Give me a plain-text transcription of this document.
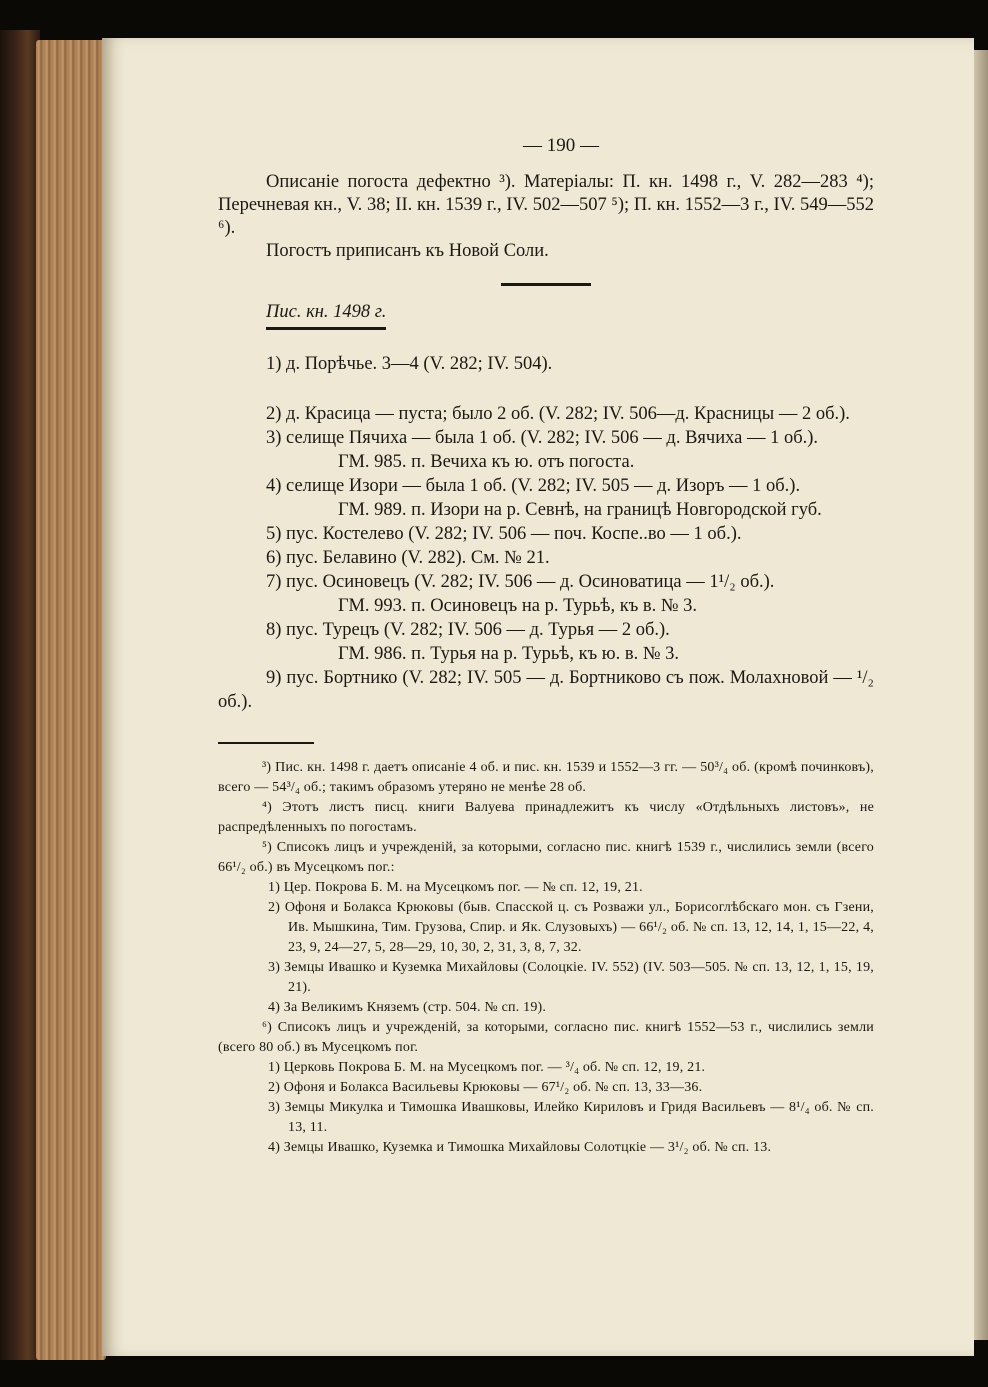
— 190 —
Описаніе погоста дефектно ³). Матеріалы: П. кн. 1498 г., V. 282—283 ⁴); Перечневая кн., V. 38; II. кн. 1539 г., IV. 502—507 ⁵); П. кн. 1552—3 г., IV. 549—552 ⁶).
Погостъ приписанъ къ Новой Соли.
Пис. кн. 1498 г.
1) д. Порѣчье. 3—4 (V. 282; IV. 504).
2) д. Красица — пуста; было 2 об. (V. 282; IV. 506—д. Красницы — 2 об.).
3) селище Пячиха — была 1 об. (V. 282; IV. 506 — д. Вячиха — 1 об.).
ГМ. 985. п. Вечиха къ ю. отъ погоста.
4) селище Изори — была 1 об. (V. 282; IV. 505 — д. Изоръ — 1 об.).
ГМ. 989. п. Изори на р. Севнѣ, на границѣ Новгородской губ.
5) пус. Костелево (V. 282; IV. 506 — поч. Коспе..во — 1 об.).
6) пус. Белавино (V. 282). См. № 21.
7) пус. Осиновецъ (V. 282; IV. 506 — д. Осиноватица — 1¹/₂ об.).
ГМ. 993. п. Осиновецъ на р. Турьѣ, къ в. № 3.
8) пус. Турецъ (V. 282; IV. 506 — д. Турья — 2 об.).
ГМ. 986. п. Турья на р. Турьѣ, къ ю. в. № 3.
9) пус. Бортнико (V. 282; IV. 505 — д. Бортниково съ пож. Молахновой — ¹/₂ об.).
³) Пис. кн. 1498 г. даетъ описаніе 4 об. и пис. кн. 1539 и 1552—3 гг. — 50³/₄ об. (кромѣ починковъ), всего — 54³/₄ об.; такимъ образомъ утеряно не менѣе 28 об.
⁴) Этотъ листъ писц. книги Валуева принадлежитъ къ числу «Отдѣльныхъ листовъ», не распредѣленныхъ по погостамъ.
⁵) Списокъ лицъ и учрежденій, за которыми, согласно пис. книгѣ 1539 г., числились земли (всего 66¹/₂ об.) въ Мусецкомъ пог.:
1) Цер. Покрова Б. М. на Мусецкомъ пог. — № сп. 12, 19, 21.
2) Офоня и Болакса Крюковы (быв. Спасской ц. съ Розважи ул., Борисоглѣбскаго мон. съ Гзени, Ив. Мышкина, Тим. Грузова, Спир. и Як. Слузовыхъ) — 66¹/₂ об. № сп. 13, 12, 14, 1, 15—22, 4, 23, 9, 24—27, 5, 28—29, 10, 30, 2, 31, 3, 8, 7, 32.
3) Земцы Ивашко и Куземка Михайловы (Солоцкіе. IV. 552) (IV. 503—505. № сп. 13, 12, 1, 15, 19, 21).
4) За Великимъ Княземъ (стр. 504. № сп. 19).
⁶) Списокъ лицъ и учрежденій, за которыми, согласно пис. книгѣ 1552—53 г., числились земли (всего 80 об.) въ Мусецкомъ пог.
1) Церковь Покрова Б. М. на Мусецкомъ пог. — ³/₄ об. № сп. 12, 19, 21.
2) Офоня и Болакса Васильевы Крюковы — 67¹/₂ об. № сп. 13, 33—36.
3) Земцы Микулка и Тимошка Ивашковы, Илейко Кириловъ и Гридя Васильевъ — 8¹/₄ об. № сп. 13, 11.
4) Земцы Ивашко, Куземка и Тимошка Михайловы Солотцкіе — 3¹/₂ об. № сп. 13.
